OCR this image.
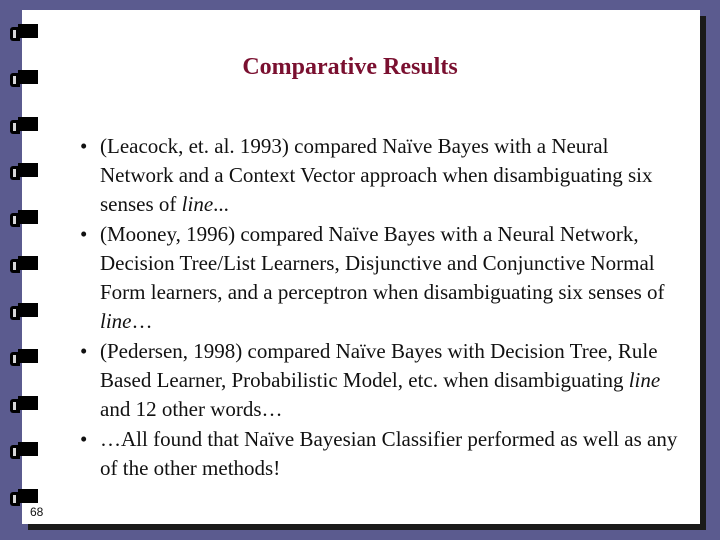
Comparative Results
• (Leacock, et. al. 1993) compared Naïve Bayes with a Neural Network and a Context Vector approach when disambiguating six senses of line...
• (Mooney, 1996) compared Naïve Bayes with a Neural Network, Decision Tree/List Learners, Disjunctive and Conjunctive Normal Form learners, and a perceptron when disambiguating six senses of line…
• (Pedersen, 1998) compared Naïve Bayes with Decision Tree, Rule Based Learner, Probabilistic Model, etc. when disambiguating line and 12 other words…
• …All found that Naïve Bayesian Classifier performed as well as any of the other methods!
68
